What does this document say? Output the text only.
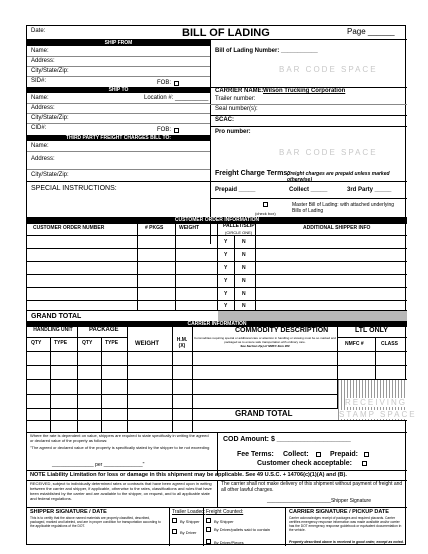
Date:	BILL OF LADING	Page ______
SHIP FROM
Name:
Address:
City/State/Zip:
SID#:	FOB:
Bill of Lading Number: ___________
BAR CODE SPACE
SHIP TO
Name:	Location #: __________
Address:
City/State/Zip:
CID#:	FOB:
CARRIER NAME: Wilson Trucking Corporation
Trailer number:
Seal number(s):
SCAC:
Pro number:
BAR CODE SPACE
THIRD PARTY FREIGHT CHARGES BILL TO:
Name:
Address:
City/State/Zip:
SPECIAL INSTRUCTIONS:
Freight Charge Terms:
(freight charges are prepaid unless marked otherwise)
Prepaid _____	Collect _____	3rd Party _____
(check box)
Master Bill of Lading: with attached underlying Bills of Lading
CUSTOMER ORDER INFORMATION
CUSTOMER ORDER NUMBER	# PKGS	WEIGHT	PALLET/SLIP
(CIRCLE ONE)
ADDITIONAL SHIPPER INFO
Y	N
Y	N
Y	N
Y	N
Y	N
Y	N
GRAND TOTAL
CARRIER INFORMATION
HANDLING UNIT	PACKAGE	COMMODITY DESCRIPTION	LTL ONLY
QTY	TYPE	QTY	TYPE	WEIGHT
H.M. (X)
Commodities requiring special or additional care or attention in handling or stowing must be so marked and packaged as to ensure safe transportation with ordinary care.
See Section 2(e) of NMFC Item 360	NMFC #	CLASS
RECEIVING
STAMP SPACE
GRAND TOTAL
Where the rate is dependent on value, shippers are required to state specifically in writing the agreed or declared value of the property as follows:
"The agreed or declared value of the property is specifically stated by the shipper to be not exceeding
_______________ per ______________"
COD Amount: $ ___________________
Fee Terms: Collect:	Prepaid:
Customer check acceptable:
NOTE Liability Limitation for loss or damage in this shipment may be applicable. See 49 U.S.C. + 14706(c)(1)(A) and (B).
RECEIVED, subject to individually determined rates or contracts that have been agreed upon in writing between the carrier and shipper, if applicable, otherwise to the rates, classifications and rules that have been established by the carrier and are available to the shipper, on request, and to all applicable state and federal regulations.
The carrier shall not make delivery of this shipment without payment of freight and all other lawful charges.
_______________________Shipper Signature
SHIPPER SIGNATURE / DATE
This is to certify that the above named materials are properly classified, described, packaged, marked and labeled, and are in proper condition for transportation according to the applicable regulations of the DOT.
Trailer Loaded:
By Shipper
By Driver
Freight Counted:
By Shipper
By Driver/pallets said to contain
By Driver/Pieces
CARRIER SIGNATURE / PICKUP DATE
Carrier acknowledges receipt of packages and required placards. Carrier certifies emergency response information was made available and/or carrier has the DOT emergency response guidebook or equivalent documentation in the vehicle.
Property described above is received in good order, except as noted.
